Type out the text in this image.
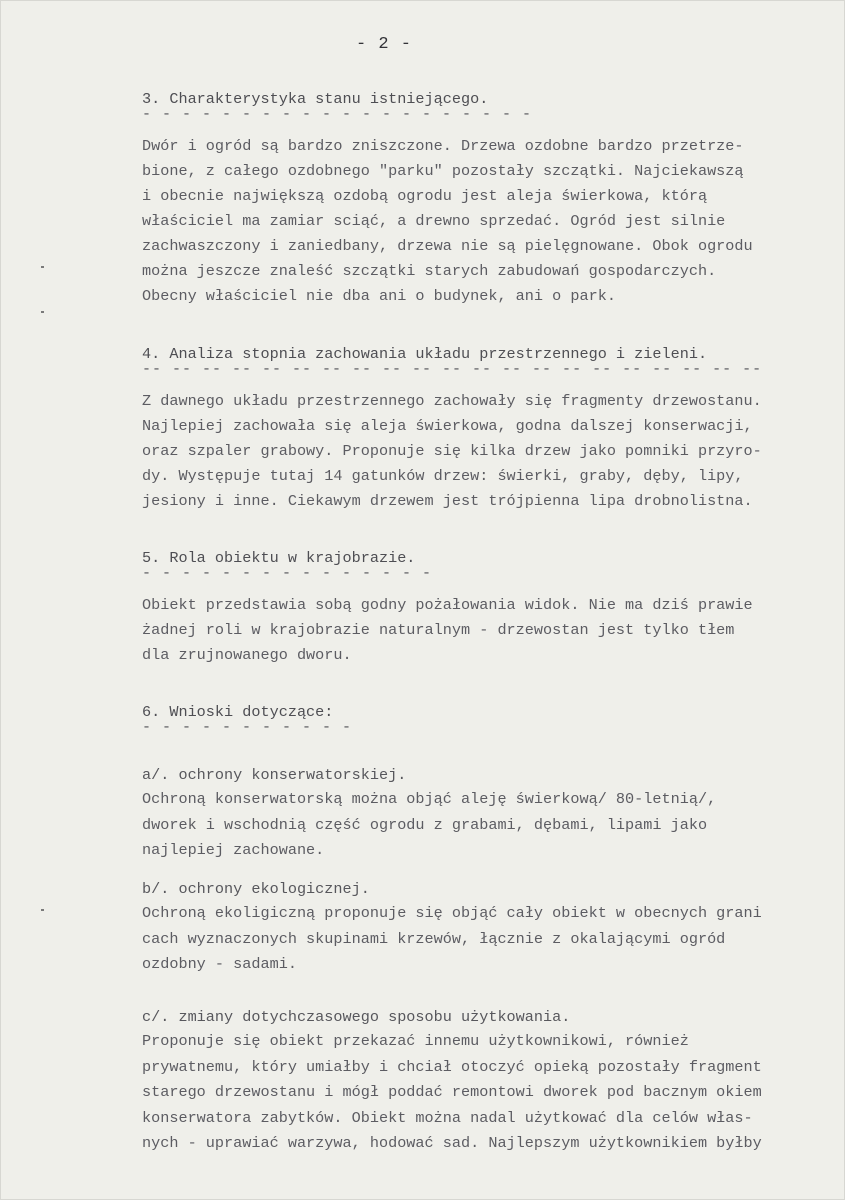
- 2 -
3. Charakterystyka stanu istniejącego.
- - - - - - - - - - - - - - - - - - - -
Dwór i ogród są bardzo zniszczone. Drzewa ozdobne bardzo przetrze-
bione, z całego ozdobnego "parku" pozostały szczątki. Najciekawszą
i obecnie największą ozdobą ogrodu jest aleja świerkowa, którą
właściciel ma zamiar sciąć, a drewno sprzedać. Ogród jest silnie
zachwaszczony i zaniedbany, drzewa nie są pielęgnowane. Obok ogrodu
można jeszcze znaleść szczątki starych zabudowań gospodarczych.
Obecny właściciel nie dba ani o budynek, ani o park.
4. Analiza stopnia zachowania układu przestrzennego i zieleni.
-- -- -- -- -- -- -- -- -- -- -- -- -- -- -- -- -- -- -- -- --
Z dawnego układu przestrzennego zachowały się fragmenty drzewostanu.
Najlepiej zachowała się aleja świerkowa, godna dalszej konserwacji,
oraz szpaler grabowy. Proponuje się kilka drzew jako pomniki przyro-
dy. Występuje tutaj 14 gatunków drzew: świerki, graby, dęby, lipy,
jesiony i inne. Ciekawym drzewem jest trójpienna lipa drobnolistna.
5. Rola obiektu w krajobrazie.
- - - - - - - - - - - - - - -
Obiekt przedstawia sobą godny pożałowania widok. Nie ma dziś prawie
żadnej roli w krajobrazie naturalnym - drzewostan jest tylko tłem
dla zrujnowanego dworu.
6. Wnioski dotyczące:
- - - - - - - - - - -
a/. ochrony konserwatorskiej.
Ochroną konserwatorską można objąć aleję świerkową/ 80-letnią/,
dworek i wschodnią część ogrodu z grabami, dębami, lipami jako
najlepiej zachowane.
b/. ochrony ekologicznej.
Ochroną ekoligiczną proponuje się objąć cały obiekt w obecnych grani
cach wyznaczonych skupinami krzewów, łącznie z okalającymi ogród
ozdobny - sadami.
c/. zmiany dotychczasowego sposobu użytkowania.
Proponuje się obiekt przekazać innemu użytkownikowi, również
prywatnemu, który umiałby i chciał otoczyć opieką pozostały fragment
starego drzewostanu i mógł poddać remontowi dworek pod bacznym okiem
konserwatora zabytków. Obiekt można nadal użytkować dla celów włas-
nych - uprawiać warzywa, hodować sad. Najlepszym użytkownikiem byłby
